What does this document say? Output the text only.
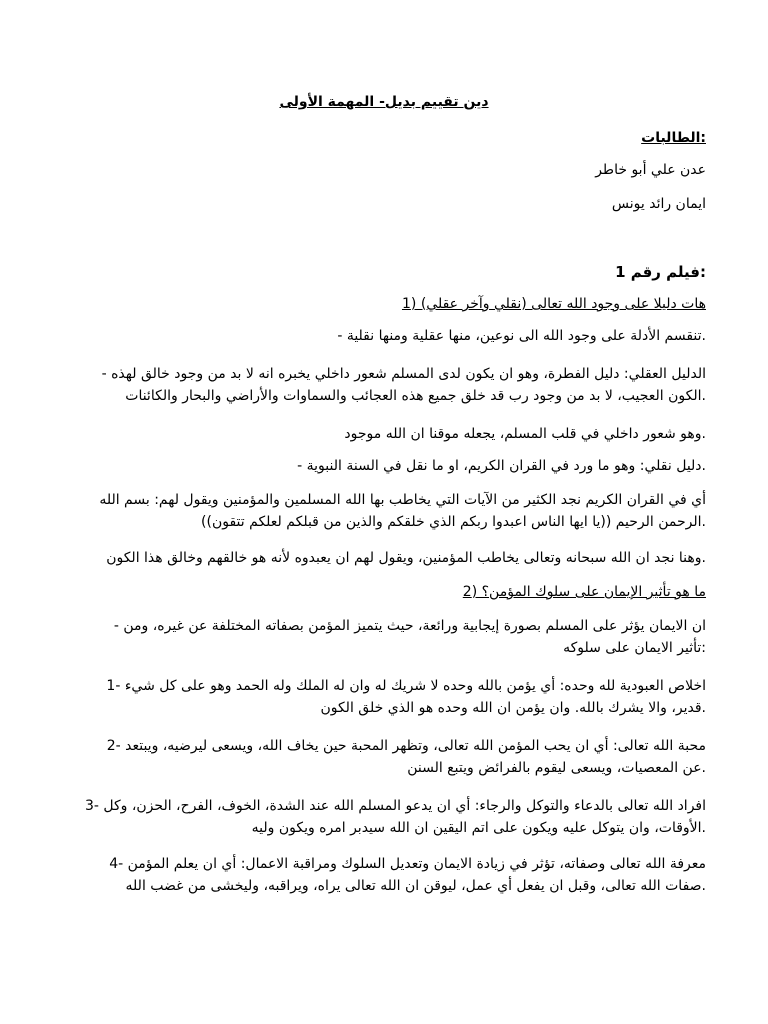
دين تقييم بديل- المهمة الأولى
:الطالبات
عدن علي أبو خاطر
ايمان رائد يونس
:فيلم رقم 1
هات دليلا على وجود الله تعالى (نقلي وآخر عقلي) (1
.تنقسم الأدلة على وجود الله الى نوعين، منها عقلية ومنها نقلية -
الدليل العقلي: دليل الفطرة، وهو ان يكون لدى المسلم شعور داخلي يخبره انه لا بد من وجود خالق لهذه -
.الكون العجيب، لا بد من وجود رب قد خلق جميع هذه العجائب والسماوات والأراضي والبحار والكائنات
.وهو شعور داخلي في قلب المسلم، يجعله موقنا ان الله موجود
.دليل نقلي: وهو ما ورد في القران الكريم، او ما نقل في السنة النبوية -
أي في القران الكريم نجد الكثير من الآيات التي يخاطب بها الله المسلمين والمؤمنين ويقول لهم: بسم الله
.الرحمن الرحيم ((يا ايها الناس اعبدوا ربكم الذي خلقكم والذين من قبلكم لعلكم تتقون))
.وهنا نجد ان الله سبحانه وتعالى يخاطب المؤمنين، ويقول لهم ان يعبدوه لأنه هو خالقهم وخالق هذا الكون
ما هو تأثير الإيمان على سلوك المؤمن؟ (2
ان الايمان يؤثر على المسلم بصورة إيجابية ورائعة، حيث يتميز المؤمن بصفاته المختلفة عن غيره، ومن -
:تأثير الايمان على سلوكه
اخلاص العبودية لله وحده: أي يؤمن بالله وحده لا شريك له وان له الملك وله الحمد وهو على كل شيء -1
.قدير، والا يشرك بالله. وان يؤمن ان الله وحده هو الذي خلق الكون
محبة الله تعالى: أي ان يحب المؤمن الله تعالى، وتظهر المحبة حين يخاف الله، ويسعى ليرضيه، ويبتعد -2
.عن المعصيات، ويسعى ليقوم بالفرائض ويتبع السنن
افراد الله تعالى بالدعاء والتوكل والرجاء: أي ان يدعو المسلم الله عند الشدة، الخوف، الفرح، الحزن، وكل -3
.الأوقات، وان يتوكل عليه ويكون على اتم اليقين ان الله سيدبر امره ويكون وليه
معرفة الله تعالى وصفاته، تؤثر في زيادة الايمان وتعديل السلوك ومراقبة الاعمال: أي ان يعلم المؤمن -4
.صفات الله تعالى، وقبل ان يفعل أي عمل، ليوقن ان الله تعالى يراه، ويراقبه، وليخشى من غضب الله
